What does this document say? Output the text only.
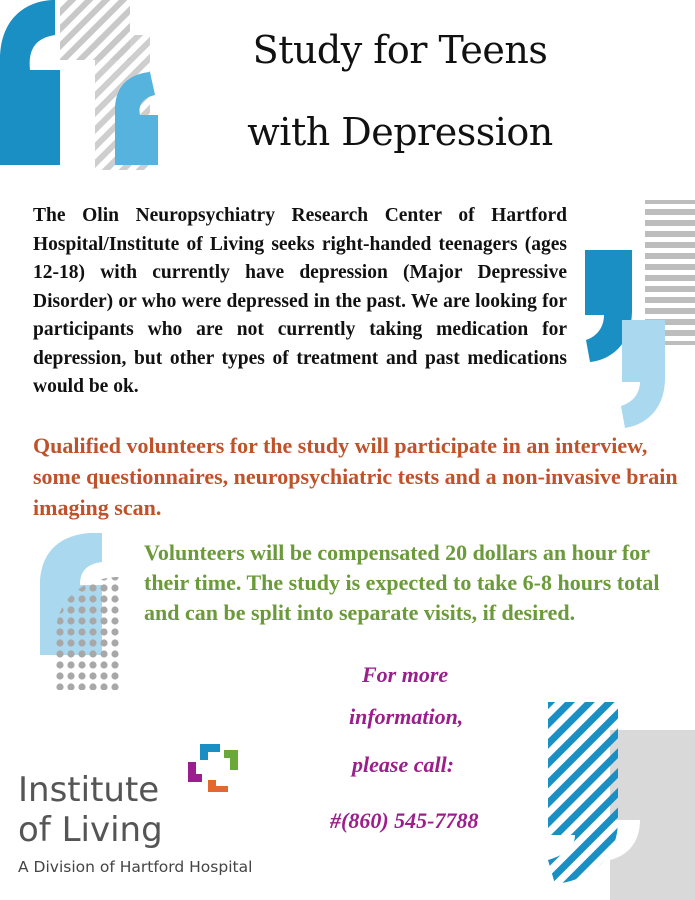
Study for Teens
with Depression

The Olin Neuropsychiatry Research Center of Hartford Hospital/Institute of Living seeks right-handed teenagers (ages 12-18) with currently have depression (Major Depressive Disorder) or who were depressed in the past. We are looking for participants who are not currently taking medication for depression, but other types of treatment and past medications would be ok.

Qualified volunteers for the study will participate in an interview, some questionnaires, neuropsychiatric tests and a non-invasive brain imaging scan.

Volunteers will be compensated 20 dollars an hour for their time. The study is expected to take 6-8 hours total and can be split into separate visits, if desired.

For more
information,
please call:
#(860) 545-7788
Institute
of Living
A Division of Hartford Hospital
